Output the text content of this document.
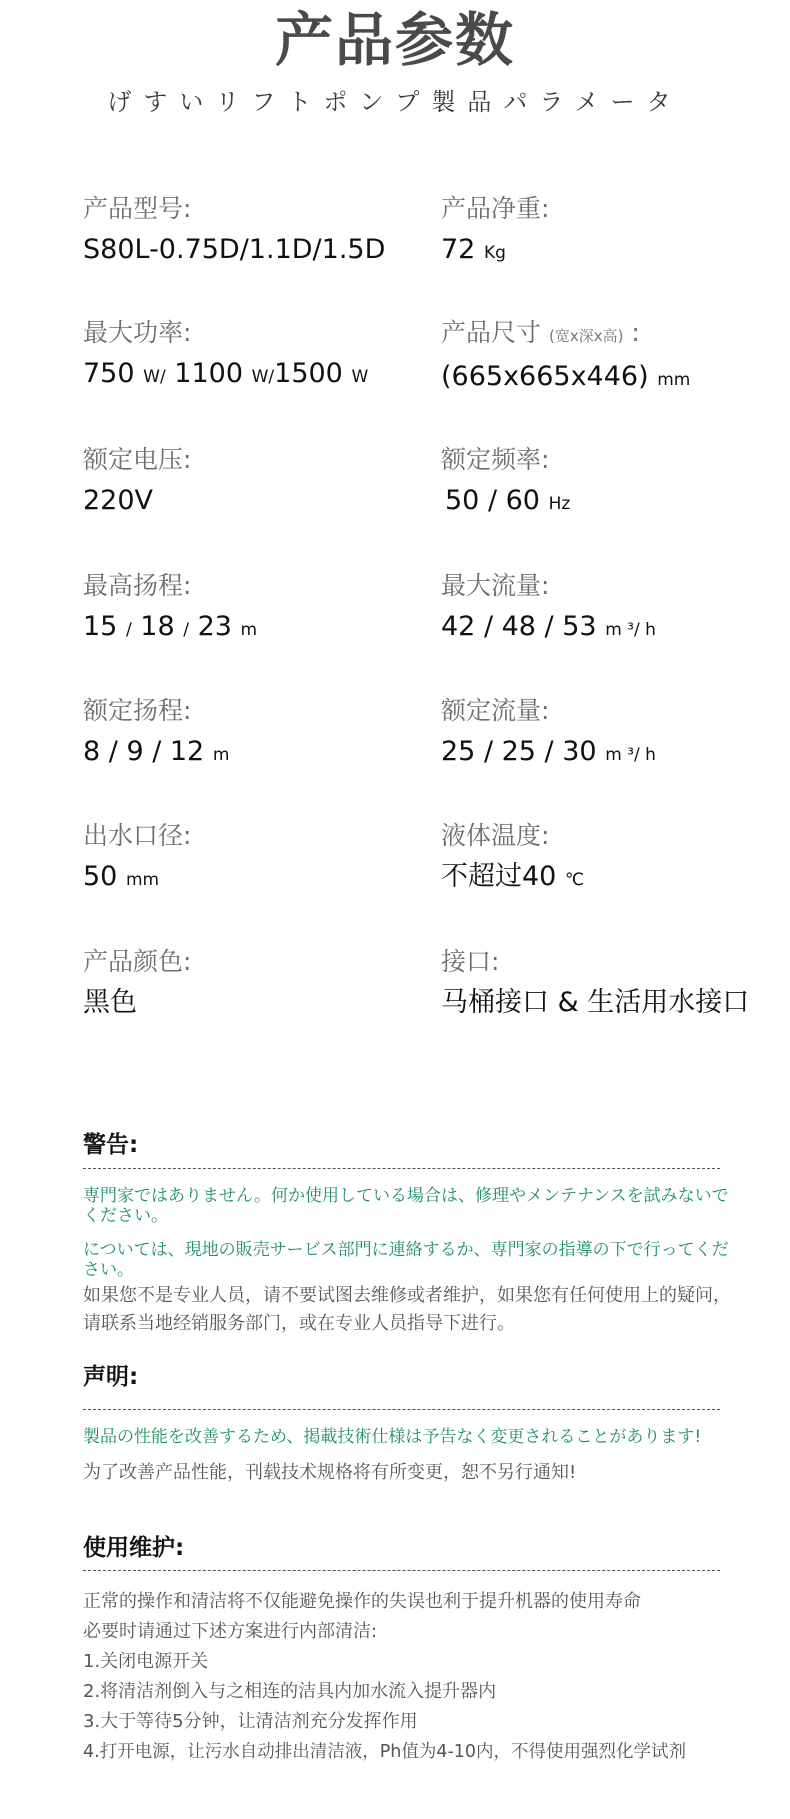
产品参数
げすいリフトポンプ製品パラメータ
产品型号:
S80L-0.75D/1.1D/1.5D
产品净重:
72 Kg
最大功率:
750 W/ 1100 W/1500 W
产品尺寸 (宽x深x高) :
(665x665x446) mm
额定电压:
220V
额定频率:
50 / 60 Hz
最高扬程:
15 / 18 / 23 m
最大流量:
42 / 48 / 53 m ³/ h
额定扬程:
8 / 9 / 12 m
额定流量:
25 / 25 / 30 m ³/ h
出水口径:
50 mm
液体温度:
不超过40 ℃
产品颜色:
黑色
接口:
马桶接口 & 生活用水接口
警告:
専門家ではありません。何か使用している場合は、修理やメンテナンスを試みないでください。
については、現地の販売サービス部門に連絡するか、専門家の指導の下で行ってください。
如果您不是专业人员，请不要试图去维修或者维护，如果您有任何使用上的疑问，请联系当地经销服务部门，或在专业人员指导下进行。
声明:
製品の性能を改善するため、掲載技術仕様は予告なく変更されることがあります!
为了改善产品性能，刊载技术规格将有所变更，恕不另行通知!
使用维护:
正常的操作和清洁将不仅能避免操作的失误也利于提升机器的使用寿命
必要时请通过下述方案进行内部清洁:
1.关闭电源开关
2.将清洁剂倒入与之相连的洁具内加水流入提升器内
3.大于等待5分钟，让清洁剂充分发挥作用
4.打开电源，让污水自动排出清洁液，Ph值为4-10内，不得使用强烈化学试剂
